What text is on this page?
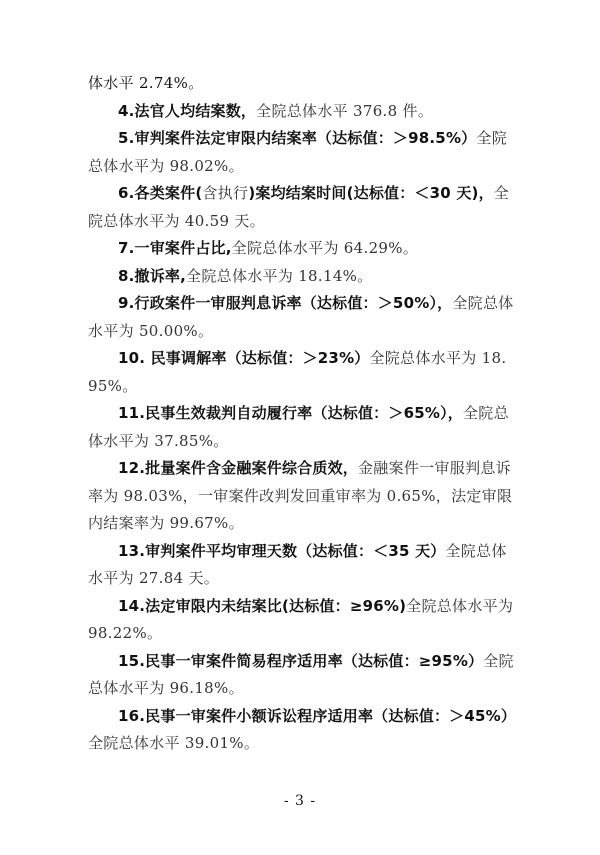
体水平 2.74%。

4.法官人均结案数，全院总体水平 376.8 件。

5.审判案件法定审限内结案率（达标值：＞98.5%）全院总体水平为 98.02%。

6.各类案件(含执行)案均结案时间(达标值：＜30 天)，全院总体水平为 40.59 天。

7.一审案件占比,全院总体水平为 64.29%。

8.撤诉率,全院总体水平为 18.14%。

9.行政案件一审服判息诉率（达标值：＞50%），全院总体水平为 50.00%。

10. 民事调解率（达标值：＞23%）全院总体水平为 18.95%。

11.民事生效裁判自动履行率（达标值：＞65%），全院总体水平为 37.85%。

12.批量案件含金融案件综合质效，金融案件一审服判息诉率为 98.03%，一审案件改判发回重审率为 0.65%，法定审限内结案率为 99.67%。

13.审判案件平均审理天数（达标值：＜35 天）全院总体水平为 27.84 天。

14.法定审限内未结案比(达标值：≥96%)全院总体水平为 98.22%。

15.民事一审案件简易程序适用率（达标值：≥95%）全院总体水平为 96.18%。

16.民事一审案件小额诉讼程序适用率（达标值：＞45%）全院总体水平 39.01%。

- 3 -
